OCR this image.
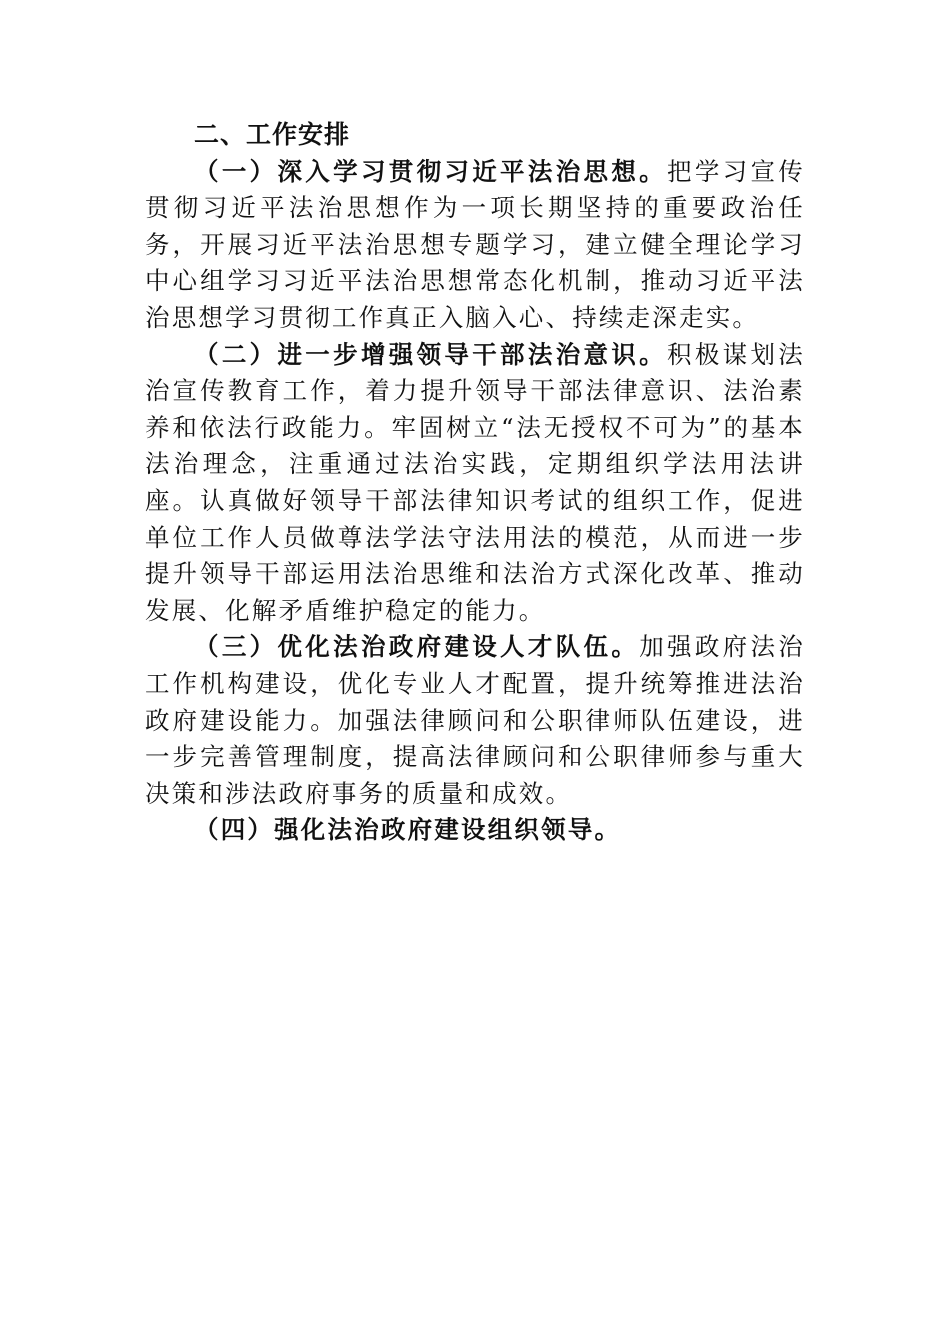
二、工作安排

（一）深入学习贯彻习近平法治思想。把学习宣传贯彻习近平法治思想作为一项长期坚持的重要政治任务，开展习近平法治思想专题学习，建立健全理论学习中心组学习习近平法治思想常态化机制，推动习近平法治思想学习贯彻工作真正入脑入心、持续走深走实。

（二）进一步增强领导干部法治意识。积极谋划法治宣传教育工作，着力提升领导干部法律意识、法治素养和依法行政能力。牢固树立“法无授权不可为”的基本法治理念，注重通过法治实践，定期组织学法用法讲座。认真做好领导干部法律知识考试的组织工作，促进单位工作人员做尊法学法守法用法的模范，从而进一步提升领导干部运用法治思维和法治方式深化改革、推动发展、化解矛盾维护稳定的能力。

（三）优化法治政府建设人才队伍。加强政府法治工作机构建设，优化专业人才配置，提升统筹推进法治政府建设能力。加强法律顾问和公职律师队伍建设，进一步完善管理制度，提高法律顾问和公职律师参与重大决策和涉法政府事务的质量和成效。

（四）强化法治政府建设组织领导。
